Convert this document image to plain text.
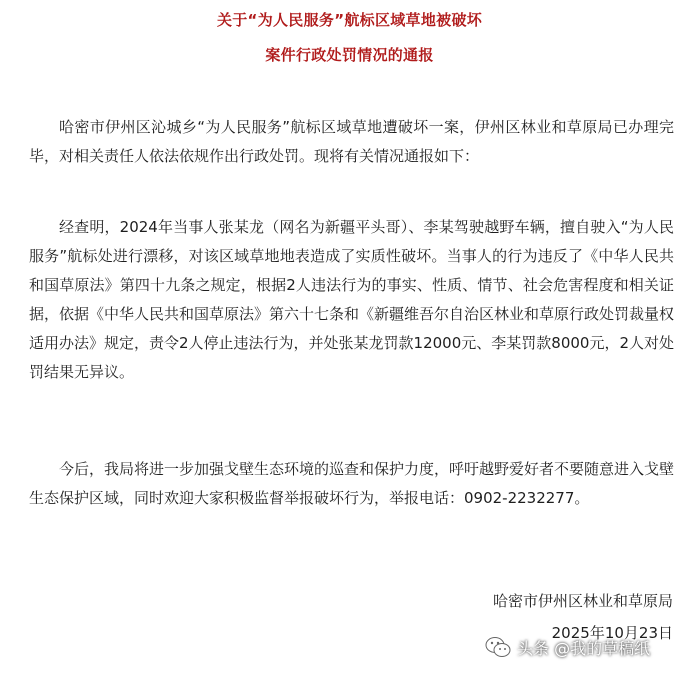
关于“为人民服务”航标区域草地被破坏
案件行政处罚情况的通报

哈密市伊州区沁城乡“为人民服务”航标区域草地遭破坏一案，伊州区林业和草原局已办理完毕，对相关责任人依法依规作出行政处罚。现将有关情况通报如下：

经查明，2024年当事人张某龙（网名为新疆平头哥）、李某驾驶越野车辆，擅自驶入“为人民服务”航标处进行漂移，对该区域草地地表造成了实质性破坏。当事人的行为违反了《中华人民共和国草原法》第四十九条之规定，根据2人违法行为的事实、性质、情节、社会危害程度和相关证据，依据《中华人民共和国草原法》第六十七条和《新疆维吾尔自治区林业和草原行政处罚裁量权适用办法》规定，责令2人停止违法行为，并处张某龙罚款12000元、李某罚款8000元，2人对处罚结果无异议。

今后，我局将进一步加强戈壁生态环境的巡查和保护力度，呼吁越野爱好者不要随意进入戈壁生态保护区域，同时欢迎大家积极监督举报破坏行为，举报电话：0902-2232277。

哈密市伊州区林业和草原局
2025年10月23日
头条 @我的草稿纸
